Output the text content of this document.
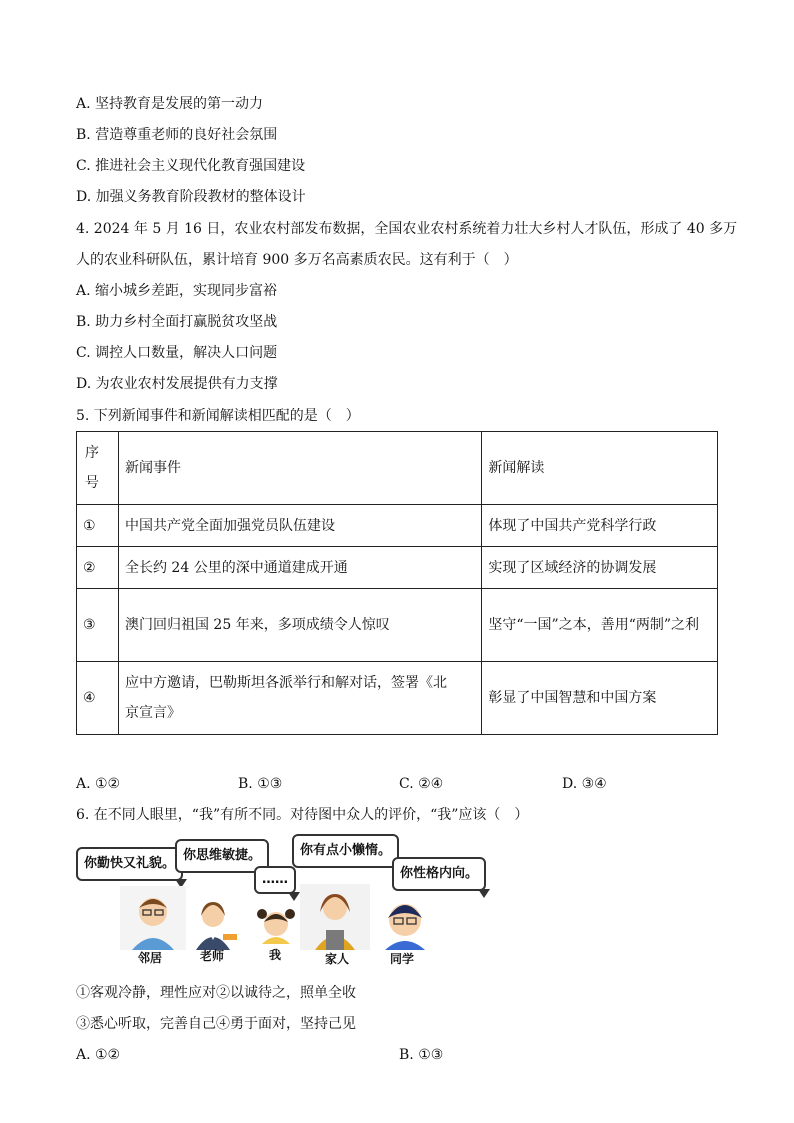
A. 坚持教育是发展的第一动力
B. 营造尊重老师的良好社会氛围
C. 推进社会主义现代化教育强国建设
D. 加强义务教育阶段教材的整体设计
4. 2024 年 5 月 16 日，农业农村部发布数据，全国农业农村系统着力壮大乡村人才队伍，形成了 40 多万
人的农业科研队伍，累计培育 900 多万名高素质农民。这有利于（　）
A. 缩小城乡差距，实现同步富裕
B. 助力乡村全面打赢脱贫攻坚战
C. 调控人口数量，解决人口问题
D. 为农业农村发展提供有力支撑
5. 下列新闻事件和新闻解读相匹配的是（　）
序号	新闻事件	新闻解读
①	中国共产党全面加强党员队伍建设	体现了中国共产党科学行政
②	全长约 24 公里的深中通道建成开通	实现了区域经济的协调发展
③	澳门回归祖国 25 年来，多项成绩令人惊叹	坚守“一国”之本，善用“两制”之利
④	应中方邀请，巴勒斯坦各派举行和解对话，签署《北京宣言》	彰显了中国智慧和中国方案
A. ①②	B. ①③	C. ②④	D. ③④
6. 在不同人眼里，“我”有所不同。对待图中众人的评价，“我”应该（　）
你勤快又礼貌。
你思维敏捷。
……
你有点小懒惰。
你性格内向。
邻居	老师	我	家人	同学
①客观冷静，理性应对②以诚待之，照单全收
③悉心听取，完善自己④勇于面对，坚持己见
A. ①②	B. ①③
